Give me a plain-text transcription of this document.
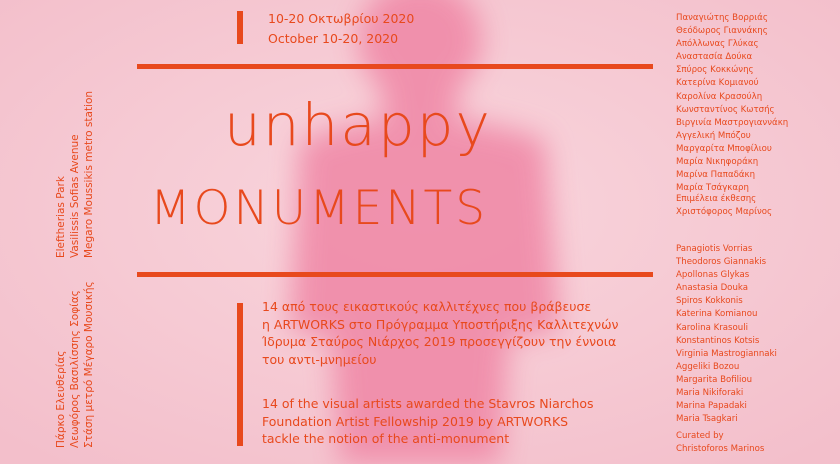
10-20 Οκτωβρίου 2020
October 10-20, 2020
unhappy
MONUMENTS
14 από τους εικαστικούς καλλιτέχνες που βράβευσε
η ARTWORKS στο Πρόγραμμα Υποστήριξης Καλλιτεχνών
Ίδρυμα Σταύρος Νιάρχος 2019 προσεγγίζουν την έννοια
του αντι-μνημείου
14 of the visual artists awarded the Stavros Niarchos
Foundation Artist Fellowship 2019 by ARTWORKS
tackle the notion of the anti-monument
Eleftherias Park Vasilissis Sofias Avenue Megaro Moussikis metro station
Πάρκο Ελευθερίας Λεωφόρος Βασιλίσσης Σοφίας Στάση μετρό Μέγαρο Μουσικής
Παναγιώτης Βορριάς
Θεόδωρος Γιαννάκης
Απόλλωνας Γλύκας
Αναστασία Δούκα
Σπύρος Κοκκώνης
Κατερίνα Κομιανού
Καρολίνα Κρασούλη
Κωνσταντίνος Κωτσής
Βιργινία Μαστρογιαννάκη
Αγγελική Μπόζου
Μαργαρίτα Μποφίλιου
Μαρία Νικηφοράκη
Μαρίνα Παπαδάκη
Μαρία Τσάγκαρη
Επιμέλεια έκθεσης
Χριστόφορος Μαρίνος
Panagiotis Vorrias
Theodoros Giannakis
Apollonas Glykas
Anastasia Douka
Spiros Kokkonis
Katerina Komianou
Karolina Krasouli
Konstantinos Kotsis
Virginia Mastrogiannaki
Aggeliki Bozou
Margarita Bofiliou
Maria Nikiforaki
Marina Papadaki
Maria Tsagkari
Curated by
Christoforos Marinos
